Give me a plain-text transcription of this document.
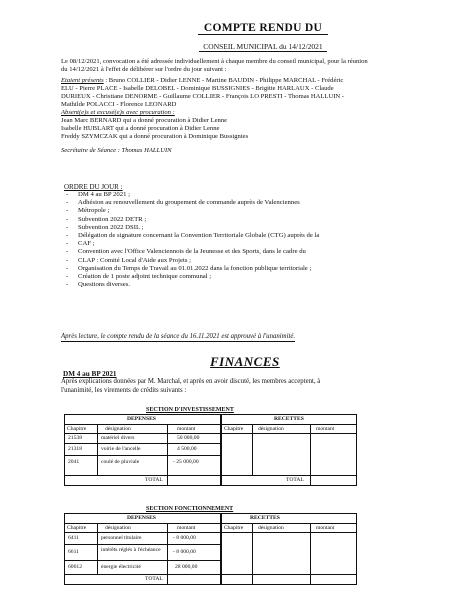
COMPTE RENDU DU
CONSEIL MUNICIPAL du 14/12/2021
Le 08/12/2021, convocation a été adressée individuellement à chaque membre du conseil municipal, pour la réunion
du 14/12/2021 à l'effet de délibérer sur l'ordre du jour suivant :
Etaient présents : Bruno COLLIER - Didier LENNE - Martine BAUDIN - Philippe MARCHAL - Frédéric
ELU - Pierre PLACE - Isabelle DELOBEL - Dominique BUSSIGNIES - Brigitte HARLAUX - Claude
DURIEUX - Christiane DENORME - Guillaume COLLIER - François LO PRESTI - Thomas HALLUIN -
Mathilde POLACCI - Florence LEONARD
Absent(e)s et excusé(e)s avec procuration :
Jean Marc BERNARD qui a donné procuration à Didier Lenne
Isabelle HUBLART qui a donné procuration à Didier Lenne
Freddy SZYMCZAK qui a donné procuration à Dominique Bussignies
Secrétaire de Séance : Thomas HALLUIN
ORDRE DU JOUR :
- DM 4 au BP 2021 ;
- Adhésion au renouvellement du groupement de commande auprès de Valenciennes
- Métropole ;
- Subvention 2022 DETR ;
- Subvention 2022 DSIL ;
- Délégation de signature concernant la Convention Territoriale Globale (CTG) auprès de la
- CAF ;
- Convention avec l'Office Valenciennois de la Jeunesse et des Sports, dans le cadre du
- CLAP : Comité Local d'Aide aux Projets ;
- Organisation du Temps de Travail au 01.01.2022 dans la fonction publique territoriale ;
- Création de 1 poste adjoint technique communal ;
- Questions diverses.
Après lecture, le compte rendu de la séance du 16.11.2021 est approuvé à l'unanimité.
FINANCES
DM 4 au BP 2021
Après explications données par M. Marchal, et après en avoir discuté, les membres acceptent, à
l'unanimité, les virements de crédits suivants :
SECTION D'INVESTISSEMENT
DEPENSES
Chapitre	désignation	montant
21538	matériel divers	50 000,00
21318	voirie de l'ancelle	4 500,00
2041	coulé de pluviale	- 25 000,00
TOTAL
RECETTES
Chapitre	désignation	montant
TOTAL
SECTION FONCTIONNEMENT
DEPENSES
Chapitre	désignation	montant
6411	personnel titulaire	- 8 000,00
6611	intérêts réglés à l'échéance	- 8 000,00
60612	énergie électricité	28 000,00
TOTAL
RECETTES
Chapitre	désignation	montant
